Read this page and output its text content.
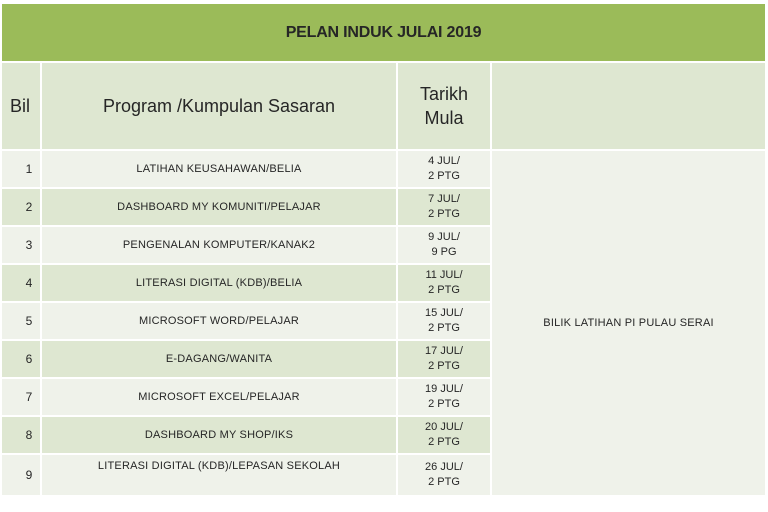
PELAN INDUK JULAI 2019			
Bil	Program /Kumpulan Sasaran	Tarikh
Mula	
1	LATIHAN KEUSAHAWAN/BELIA	4 JUL/
2 PTG	BILIK LATIHAN PI PULAU SERAI
2	DASHBOARD MY KOMUNITI/PELAJAR	7 JUL/
2 PTG	
3	PENGENALAN KOMPUTER/KANAK2	9 JUL/
9 PG	
4	LITERASI DIGITAL (KDB)/BELIA	11 JUL/
2 PTG	
5	MICROSOFT WORD/PELAJAR	15 JUL/
2 PTG	
6	E-DAGANG/WANITA	17 JUL/
2 PTG	
7	MICROSOFT EXCEL/PELAJAR	19 JUL/
2 PTG	
8	DASHBOARD MY SHOP/IKS	20 JUL/
2 PTG	
9	LITERASI DIGITAL (KDB)/LEPASAN SEKOLAH	26 JUL/
2 PTG	
